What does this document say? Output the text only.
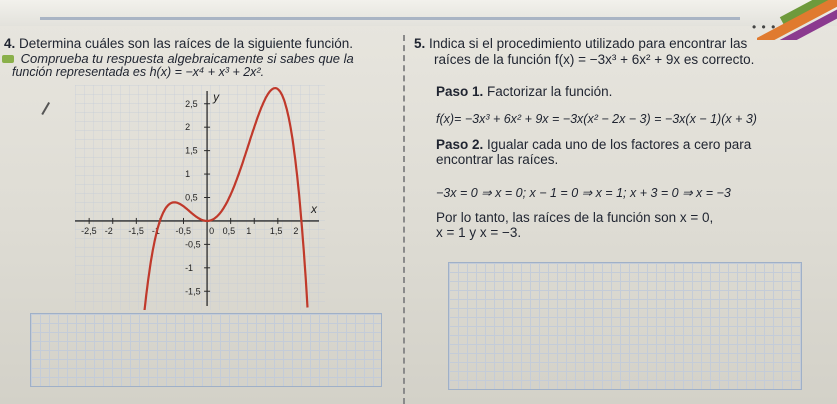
• • •
4. Determina cuáles son las raíces de la siguiente función.
Comprueba tu respuesta algebraicamente si sabes que la
función representada es h(x) = −x⁴ + x³ + 2x².
x
y
-2,5 -2 -1,5 -1 -0,5 0 0,5 1 1,5 2
2,5
2
1,5
1
0,5
-0,5
-1
-1,5
5. Indica si el procedimiento utilizado para encontrar las
raíces de la función f(x) = −3x³ + 6x² + 9x es correcto.
Paso 1. Factorizar la función.
f(x)= −3x³ + 6x² + 9x = −3x(x² − 2x − 3) = −3x(x − 1)(x + 3)
Paso 2. Igualar cada uno de los factores a cero para
encontrar las raíces.
−3x = 0 ⇒ x = 0; x − 1 = 0 ⇒ x = 1; x + 3 = 0 ⇒ x = −3
Por lo tanto, las raíces de la función son x = 0,
x = 1 y x = −3.
